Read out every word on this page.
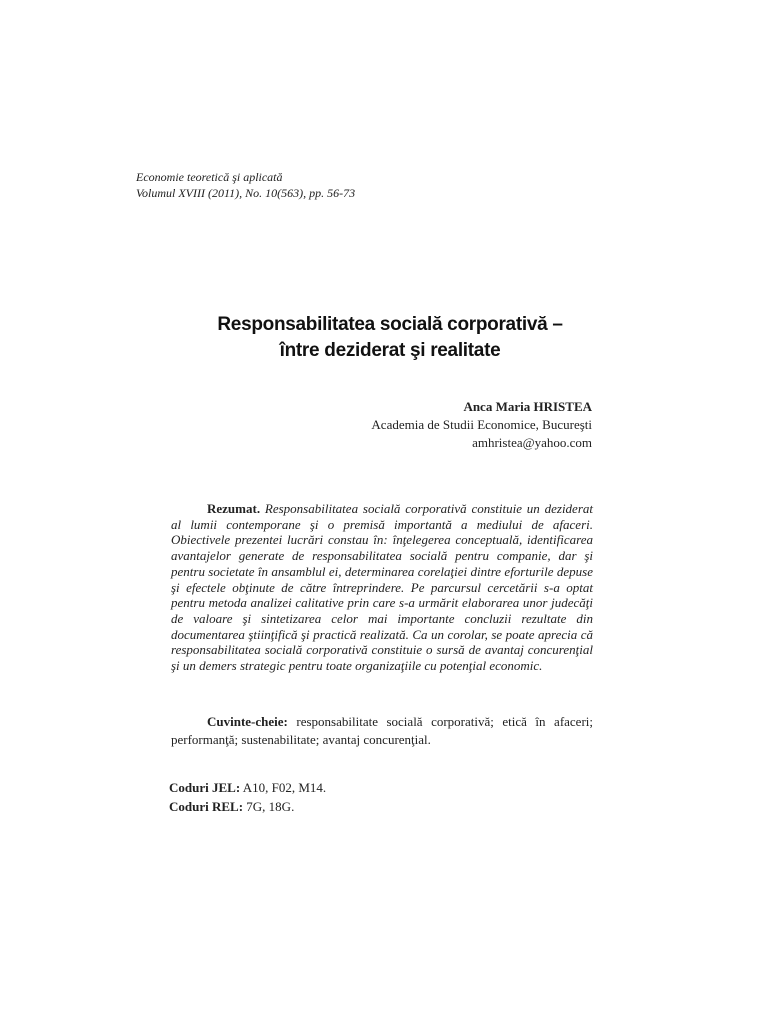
Economie teoretică şi aplicată
Volumul XVIII (2011), No. 10(563), pp. 56-73
Responsabilitatea socială corporativă –
între deziderat şi realitate
Anca Maria HRISTEA
Academia de Studii Economice, Bucureşti
amhristea@yahoo.com
Rezumat. Responsabilitatea socială corporativă constituie un deziderat al lumii contemporane şi o premisă importantă a mediului de afaceri. Obiectivele prezentei lucrări constau în: înţelegerea conceptuală, identificarea avantajelor generate de responsabilitatea socială pentru companie, dar şi pentru societate în ansamblul ei, determinarea corelaţiei dintre eforturile depuse şi efectele obţinute de către întreprindere. Pe parcursul cercetării s-a optat pentru metoda analizei calitative prin care s-a urmărit elaborarea unor judecăţi de valoare şi sintetizarea celor mai importante concluzii rezultate din documentarea ştiinţifică şi practică realizată. Ca un corolar, se poate aprecia că responsabilitatea socială corporativă constituie o sursă de avantaj concurenţial şi un demers strategic pentru toate organizaţiile cu potenţial economic.
Cuvinte-cheie: responsabilitate socială corporativă; etică în afaceri; performanţă; sustenabilitate; avantaj concurenţial.
Coduri JEL: A10, F02, M14.
Coduri REL: 7G, 18G.
